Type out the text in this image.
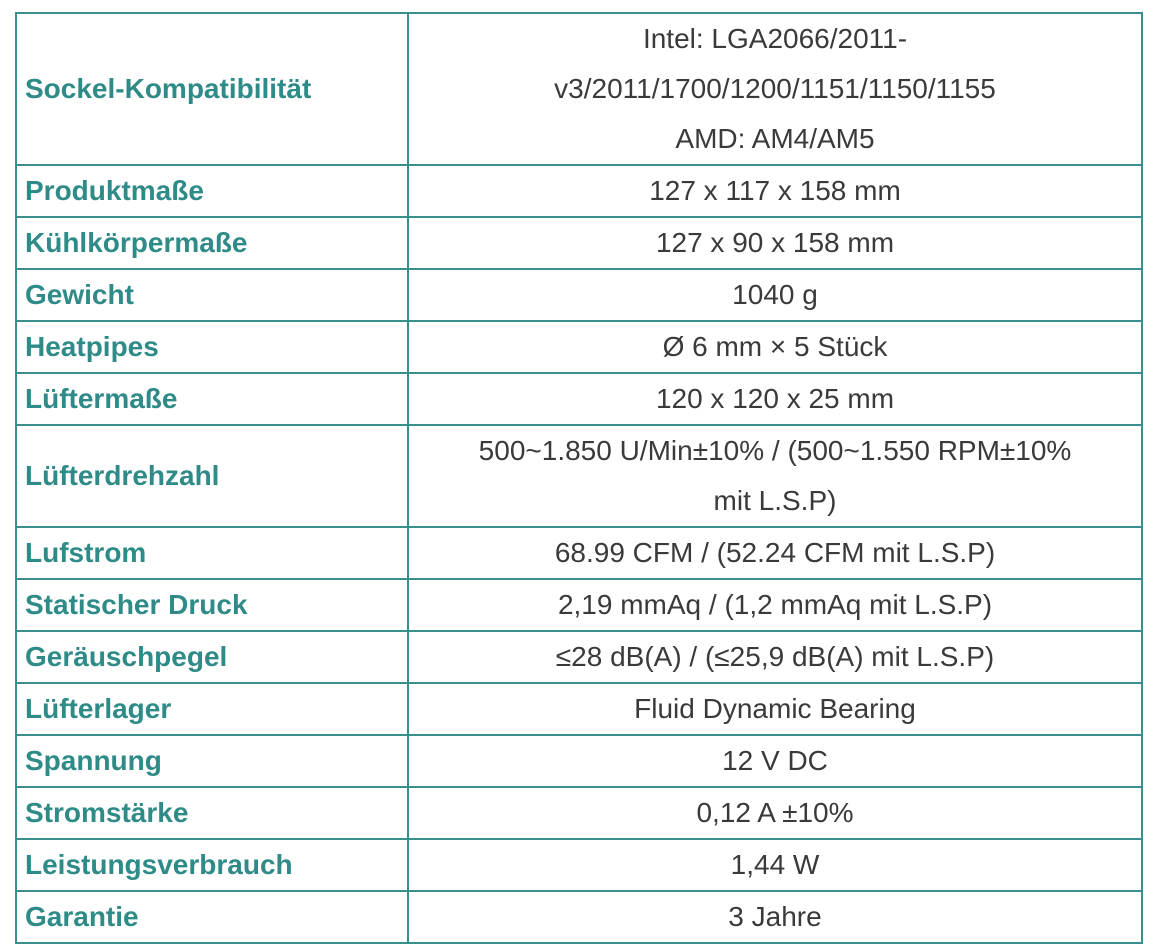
Sockel-Kompatibilität	Intel: LGA2066/2011-
v3/2011/1700/1200/1151/1150/1155
AMD: AM4/AM5

Produktmaße	127 x 117 x 158 mm
Kühlkörpermaße	127 x 90 x 158 mm
Gewicht	1040 g
Heatpipes	Ø 6 mm × 5 Stück
Lüftermaße	120 x 120 x 25 mm
Lüfterdrehzahl	500~1.850 U/Min±10% / (500~1.550 RPM±10%
mit L.S.P)

Lufstrom	68.99 CFM / (52.24 CFM mit L.S.P)
Statischer Druck	2,19 mmAq / (1,2 mmAq mit L.S.P)
Geräuschpegel	≤28 dB(A) / (≤25,9 dB(A) mit L.S.P)
Lüfterlager	Fluid Dynamic Bearing
Spannung	12 V DC
Stromstärke	0,12 A ±10%
Leistungsverbrauch	1,44 W
Garantie	3 Jahre
